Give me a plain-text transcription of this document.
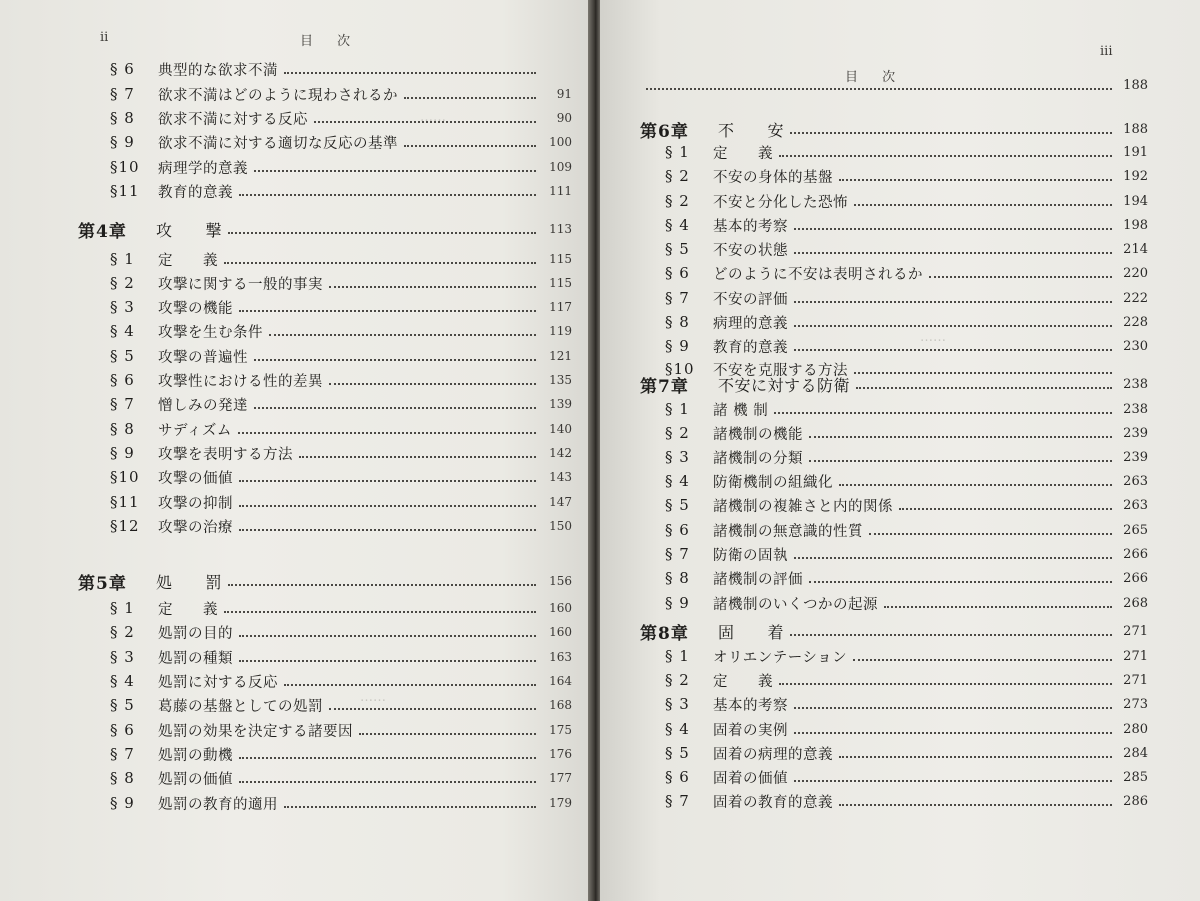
ii	目 次
……
……
§ 6	典型的な欲求不満
§ 7	欲求不満はどのように現わされるか	91
§ 8	欲求不満に対する反応	90
§ 9	欲求不満に対する適切な反応の基準	100
§10	病理学的意義	109
§11	教育的意義	111
第4章	攻　　撃	113
§ 1	定　　義	115
§ 2	攻撃に関する一般的事実	115
§ 3	攻撃の機能	117
§ 4	攻撃を生む条件	119
§ 5	攻撃の普遍性	121
§ 6	攻撃性における性的差異	135
§ 7	憎しみの発達	139
§ 8	サディズム	140
§ 9	攻撃を表明する方法	142
§10	攻撃の価値	143
§11	攻撃の抑制	147
§12	攻撃の治療	150
第5章	処　　罰	156
§ 1	定　　義	160
§ 2	処罰の目的	160
§ 3	処罰の種類	163
§ 4	処罰に対する反応	164
§ 5	葛藤の基盤としての処罰	168
§ 6	処罰の効果を決定する諸要因	175
§ 7	処罰の動機	176
§ 8	処罰の価値	177
§ 9	処罰の教育的適用	179
iii
目 次	188
……
第6章	不　　安	188
§ 1	定　　義	191
§ 2	不安の身体的基盤	192
§ 2	不安と分化した恐怖	194
§ 4	基本的考察	198
§ 5	不安の状態	214
§ 6	どのように不安は表明されるか	220
§ 7	不安の評価	222
§ 8	病理的意義	228
§ 9	教育的意義	230
§10	不安を克服する方法
第7章	不安に対する防衛	238
§ 1	諸 機 制	238
§ 2	諸機制の機能	239
§ 3	諸機制の分類	239
§ 4	防衛機制の組織化	263
§ 5	諸機制の複雑さと内的関係	263
§ 6	諸機制の無意識的性質	265
§ 7	防衛の固執	266
§ 8	諸機制の評価	266
§ 9	諸機制のいくつかの起源	268
第8章	固　　着	271
§ 1	オリエンテーション	271
§ 2	定　　義	271
§ 3	基本的考察	273
§ 4	固着の実例	280
§ 5	固着の病理的意義	284
§ 6	固着の価値	285
§ 7	固着の教育的意義	286
